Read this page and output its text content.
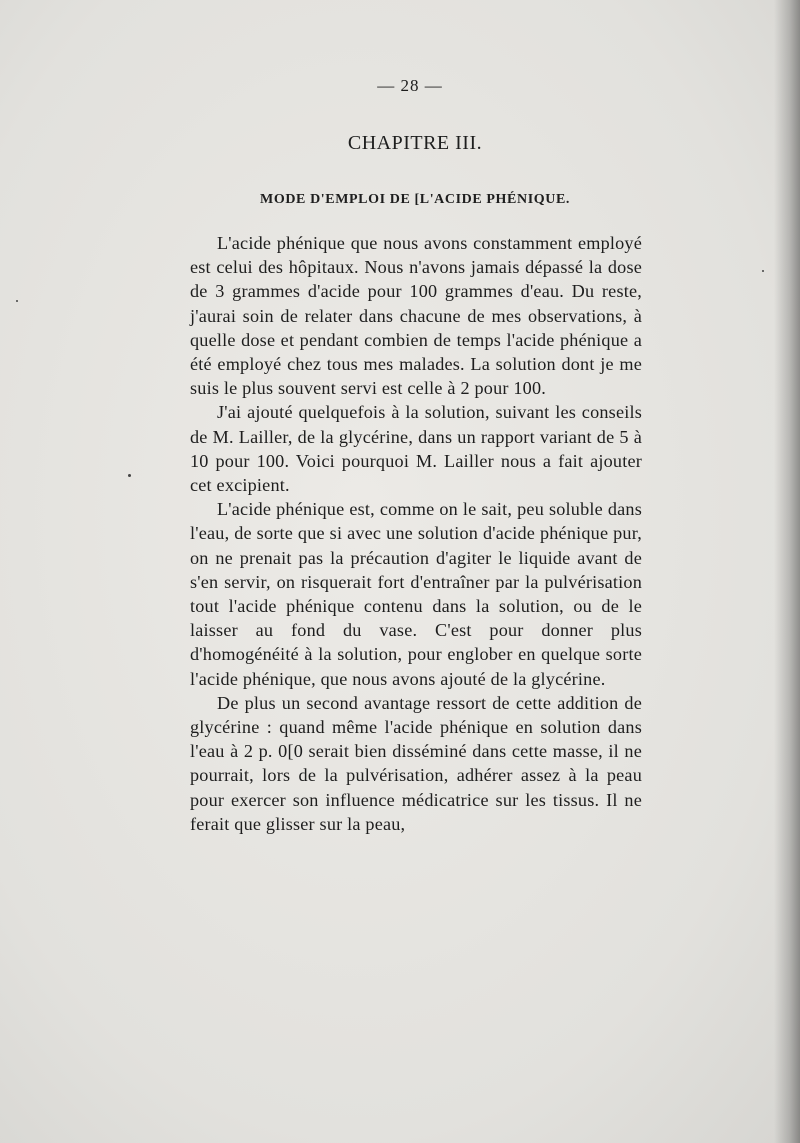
— 28 —
CHAPITRE III.
MODE D'EMPLOI DE [L'ACIDE PHÉNIQUE.

L'acide phénique que nous avons constamment employé est celui des hôpitaux. Nous n'avons jamais dépassé la dose de 3 grammes d'acide pour 100 grammes d'eau. Du reste, j'aurai soin de relater dans chacune de mes observations, à quelle dose et pendant combien de temps l'acide phénique a été employé chez tous mes malades. La solution dont je me suis le plus souvent servi est celle à 2 pour 100.

J'ai ajouté quelquefois à la solution, suivant les conseils de M. Lailler, de la glycérine, dans un rapport variant de 5 à 10 pour 100. Voici pourquoi M. Lailler nous a fait ajouter cet excipient.

L'acide phénique est, comme on le sait, peu soluble dans l'eau, de sorte que si avec une solution d'acide phénique pur, on ne prenait pas la précaution d'agiter le liquide avant de s'en servir, on risquerait fort d'entraîner par la pulvérisation tout l'acide phénique contenu dans la solution, ou de le laisser au fond du vase. C'est pour donner plus d'homogénéité à la solution, pour englober en quelque sorte l'acide phénique, que nous avons ajouté de la glycérine.

De plus un second avantage ressort de cette addition de glycérine : quand même l'acide phénique en solution dans l'eau à 2 p. 0[0 serait bien disséminé dans cette masse, il ne pourrait, lors de la pulvérisation, adhérer assez à la peau pour exercer son influence médicatrice sur les tissus. Il ne ferait que glisser sur la peau,
